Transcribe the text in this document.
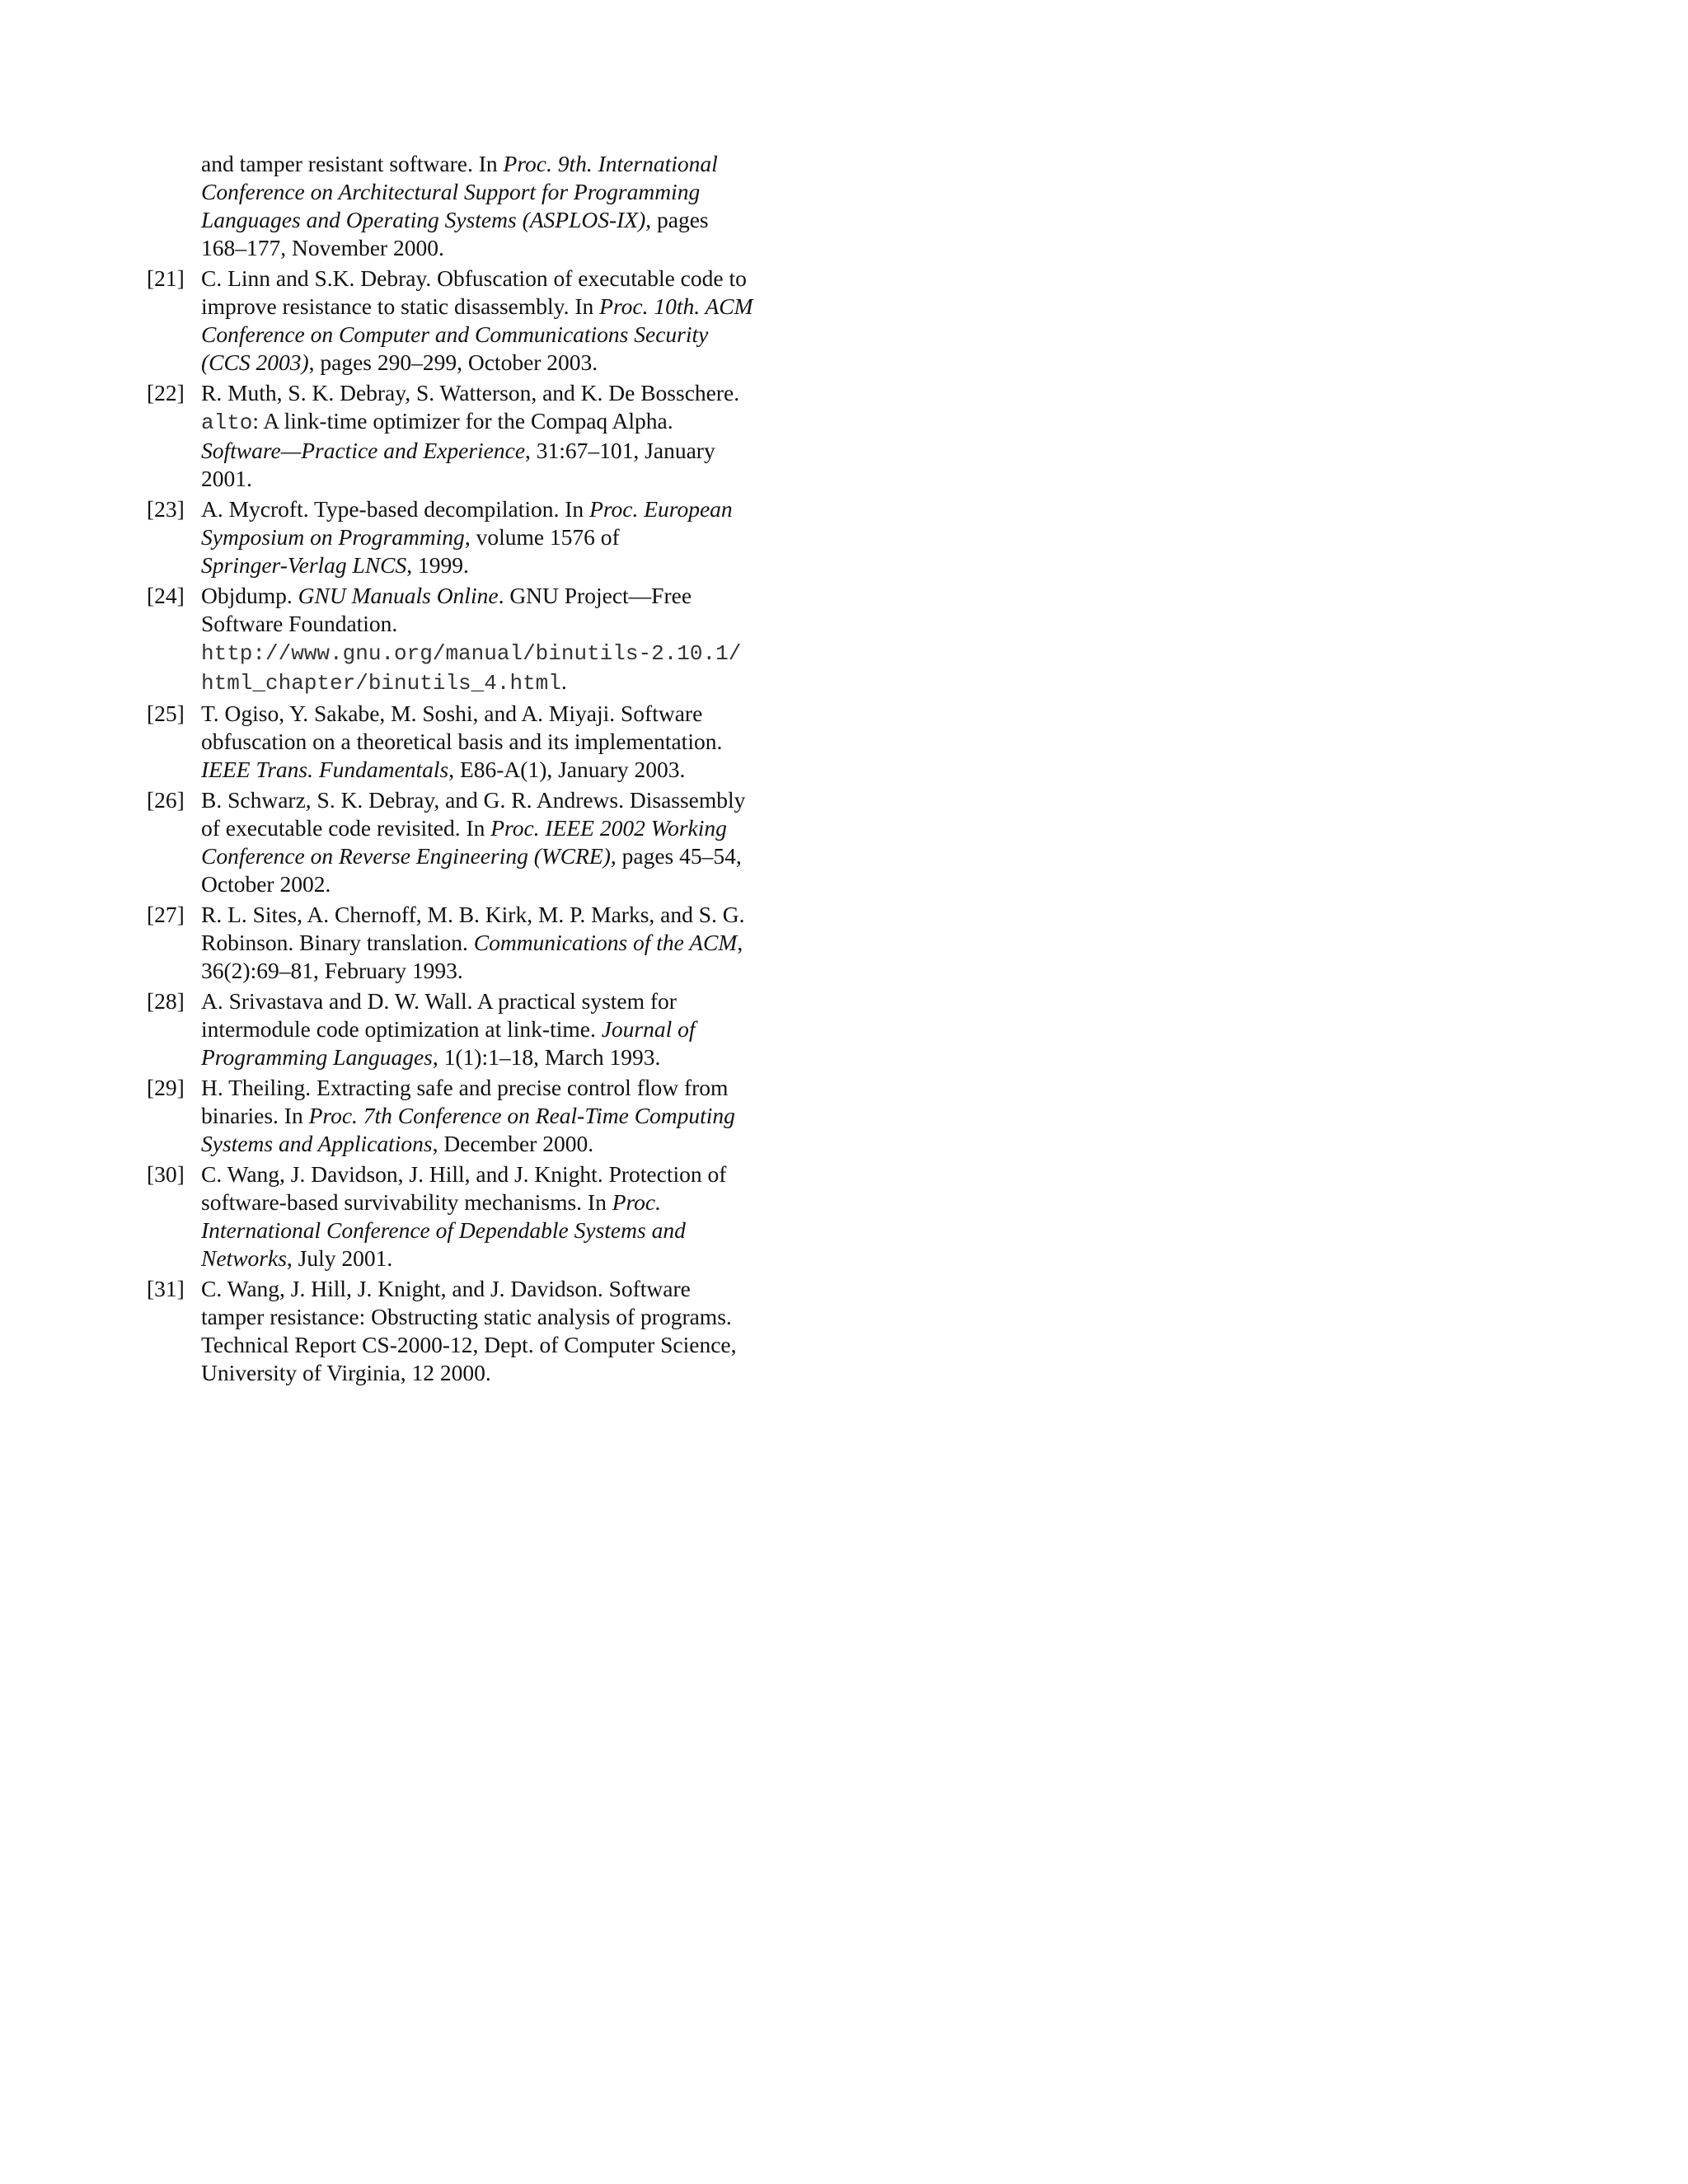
and tamper resistant software. In Proc. 9th. International
Conference on Architectural Support for Programming
Languages and Operating Systems (ASPLOS-IX), pages
168–177, November 2000.
[21] C. Linn and S.K. Debray. Obfuscation of executable code to
improve resistance to static disassembly. In Proc. 10th. ACM
Conference on Computer and Communications Security
(CCS 2003), pages 290–299, October 2003.
[22] R. Muth, S. K. Debray, S. Watterson, and K. De Bosschere.
alto: A link-time optimizer for the Compaq Alpha.
Software—Practice and Experience, 31:67–101, January
2001.
[23] A. Mycroft. Type-based decompilation. In Proc. European
Symposium on Programming, volume 1576 of
Springer-Verlag LNCS, 1999.
[24] Objdump. GNU Manuals Online. GNU Project—Free
Software Foundation.
http://www.gnu.org/manual/binutils-2.10.1/
html_chapter/binutils_4.html.
[25] T. Ogiso, Y. Sakabe, M. Soshi, and A. Miyaji. Software
obfuscation on a theoretical basis and its implementation.
IEEE Trans. Fundamentals, E86-A(1), January 2003.
[26] B. Schwarz, S. K. Debray, and G. R. Andrews. Disassembly
of executable code revisited. In Proc. IEEE 2002 Working
Conference on Reverse Engineering (WCRE), pages 45–54,
October 2002.
[27] R. L. Sites, A. Chernoff, M. B. Kirk, M. P. Marks, and S. G.
Robinson. Binary translation. Communications of the ACM,
36(2):69–81, February 1993.
[28] A. Srivastava and D. W. Wall. A practical system for
intermodule code optimization at link-time. Journal of
Programming Languages, 1(1):1–18, March 1993.
[29] H. Theiling. Extracting safe and precise control flow from
binaries. In Proc. 7th Conference on Real-Time Computing
Systems and Applications, December 2000.
[30] C. Wang, J. Davidson, J. Hill, and J. Knight. Protection of
software-based survivability mechanisms. In Proc.
International Conference of Dependable Systems and
Networks, July 2001.
[31] C. Wang, J. Hill, J. Knight, and J. Davidson. Software
tamper resistance: Obstructing static analysis of programs.
Technical Report CS-2000-12, Dept. of Computer Science,
University of Virginia, 12 2000.
